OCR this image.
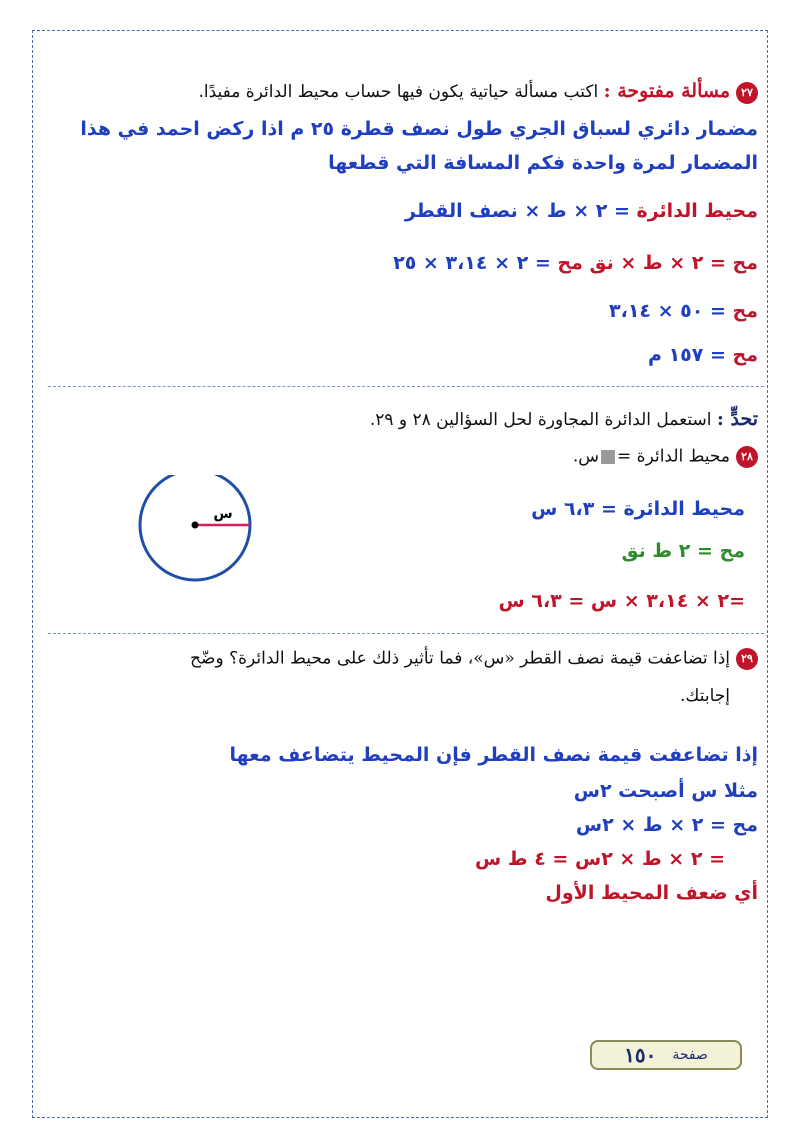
٢٧مسألة مفتوحة : اكتب مسألة حياتية يكون فيها حساب محيط الدائرة مفيدًا.
مضمار دائري لسباق الجري طول نصف قطرة ٢٥ م اذا ركض احمد في هذا
المضمار لمرة واحدة فكم المسافة التي قطعها
محيط الدائرة = ٢ × ط × نصف القطر
مح = ٢ × ط × نق مح = ٢ × ٣،١٤ × ٢٥
مح = ٥٠ × ٣،١٤
مح = ١٥٧ م
تحدٍّ : استعمل الدائرة المجاورة لحل السؤالين ٢٨ و ٢٩.
٢٨محيط الدائرة =س.
محيط الدائرة = ٦،٣ س
مح = ٢ ط نق
=٢ × ٣،١٤ × س = ٦،٣ س
س
٢٩إذا تضاعفت قيمة نصف القطر «س»، فما تأثير ذلك على محيط الدائرة؟ وضّح
إجابتك.
إذا تضاعفت قيمة نصف القطر فإن المحيط يتضاعف معها
مثلا س أصبحت ٢س
مح = ٢ × ط × ٢س
= ٢ × ط × ٢س = ٤ ط س
أي ضعف المحيط الأول
صفحة
١٥٠
